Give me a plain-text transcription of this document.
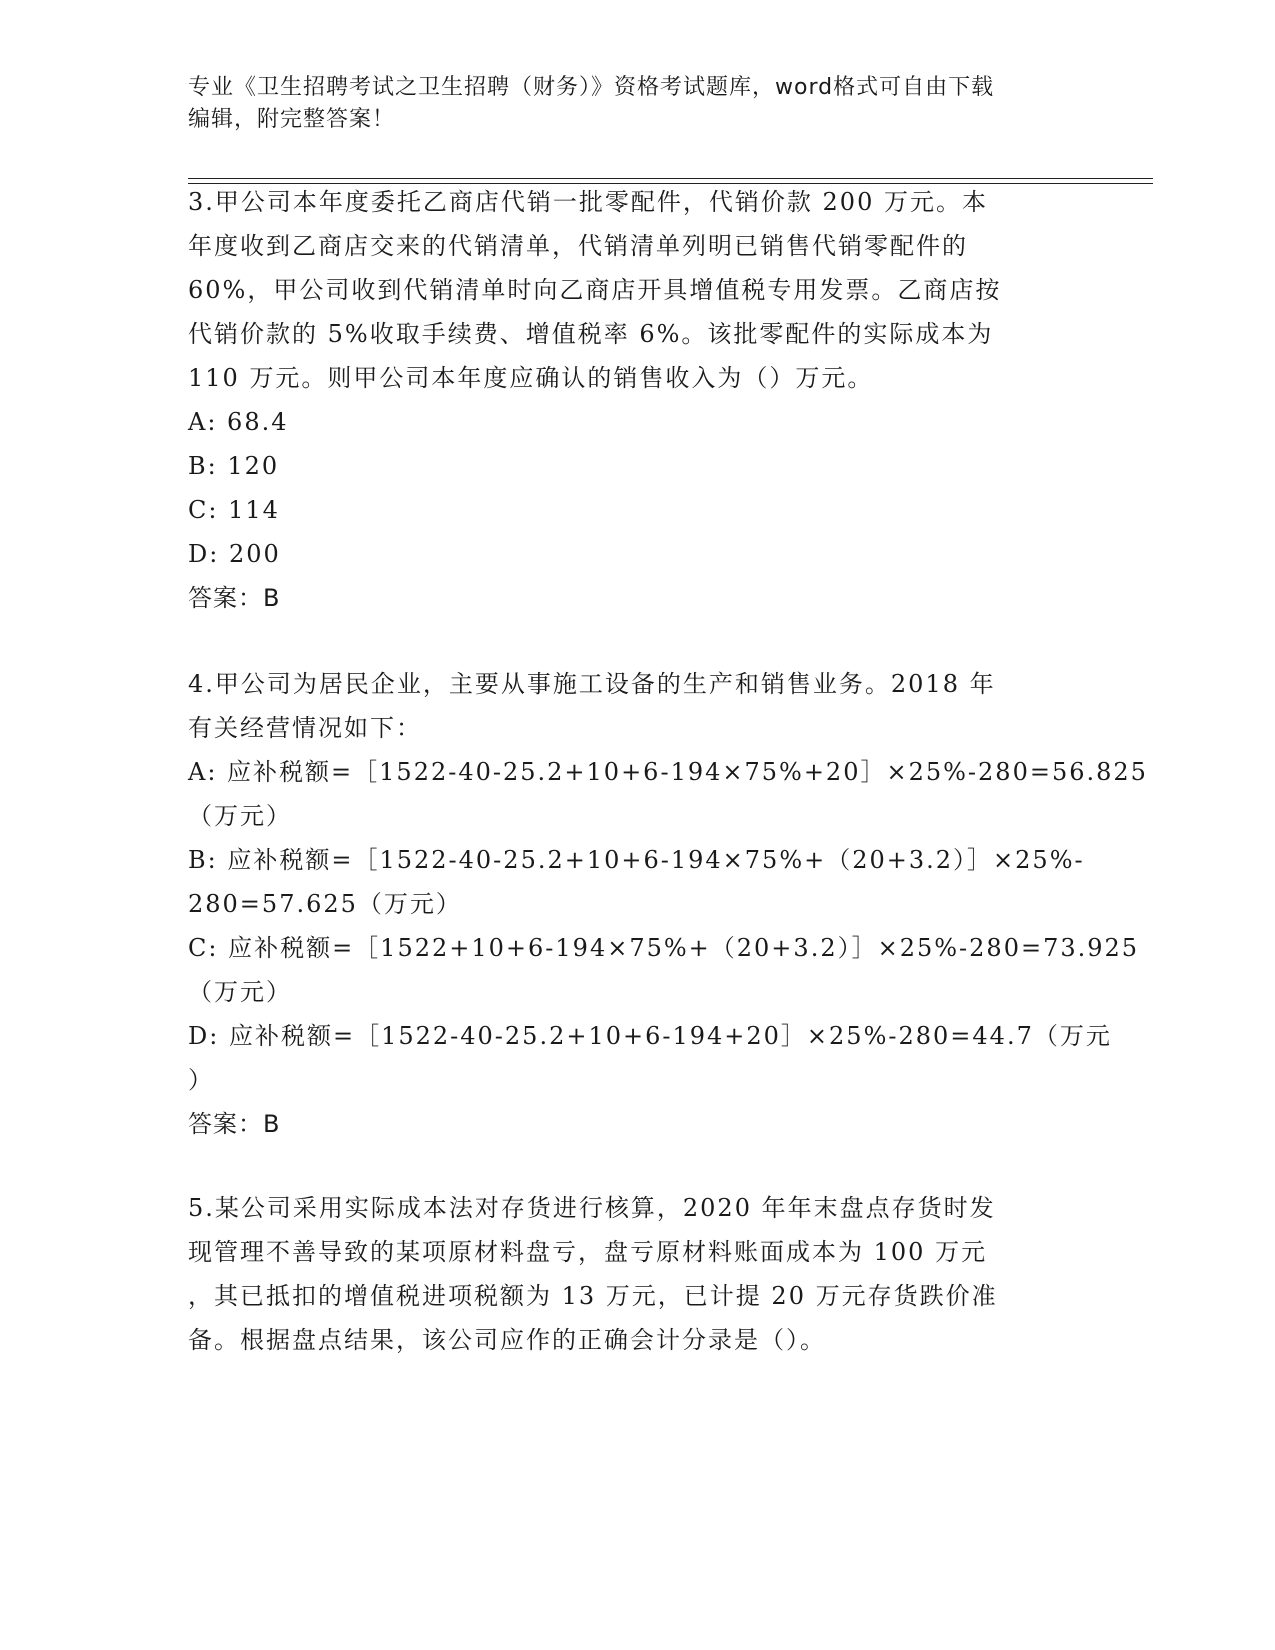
专业《卫生招聘考试之卫生招聘（财务）》资格考试题库，word格式可自由下载
编辑，附完整答案！
3.甲公司本年度委托乙商店代销一批零配件，代销价款 200 万元。本
年度收到乙商店交来的代销清单，代销清单列明已销售代销零配件的
60%，甲公司收到代销清单时向乙商店开具增值税专用发票。乙商店按
代销价款的 5%收取手续费、增值税率 6%。该批零配件的实际成本为
110 万元。则甲公司本年度应确认的销售收入为（）万元。
A: 68.4
B: 120
C: 114
D: 200
答案：B
4.甲公司为居民企业，主要从事施工设备的生产和销售业务。2018 年
有关经营情况如下：
A: 应补税额=［1522-40-25.2+10+6-194×75%+20］×25%-280=56.825
（万元）
B: 应补税额=［1522-40-25.2+10+6-194×75%+（20+3.2）］×25%-
280=57.625（万元）
C: 应补税额=［1522+10+6-194×75%+（20+3.2）］×25%-280=73.925
（万元）
D: 应补税额=［1522-40-25.2+10+6-194+20］×25%-280=44.7（万元
）
答案：B
5.某公司采用实际成本法对存货进行核算，2020 年年末盘点存货时发
现管理不善导致的某项原材料盘亏，盘亏原材料账面成本为 100 万元
，其已抵扣的增值税进项税额为 13 万元，已计提 20 万元存货跌价准
备。根据盘点结果，该公司应作的正确会计分录是（）。
